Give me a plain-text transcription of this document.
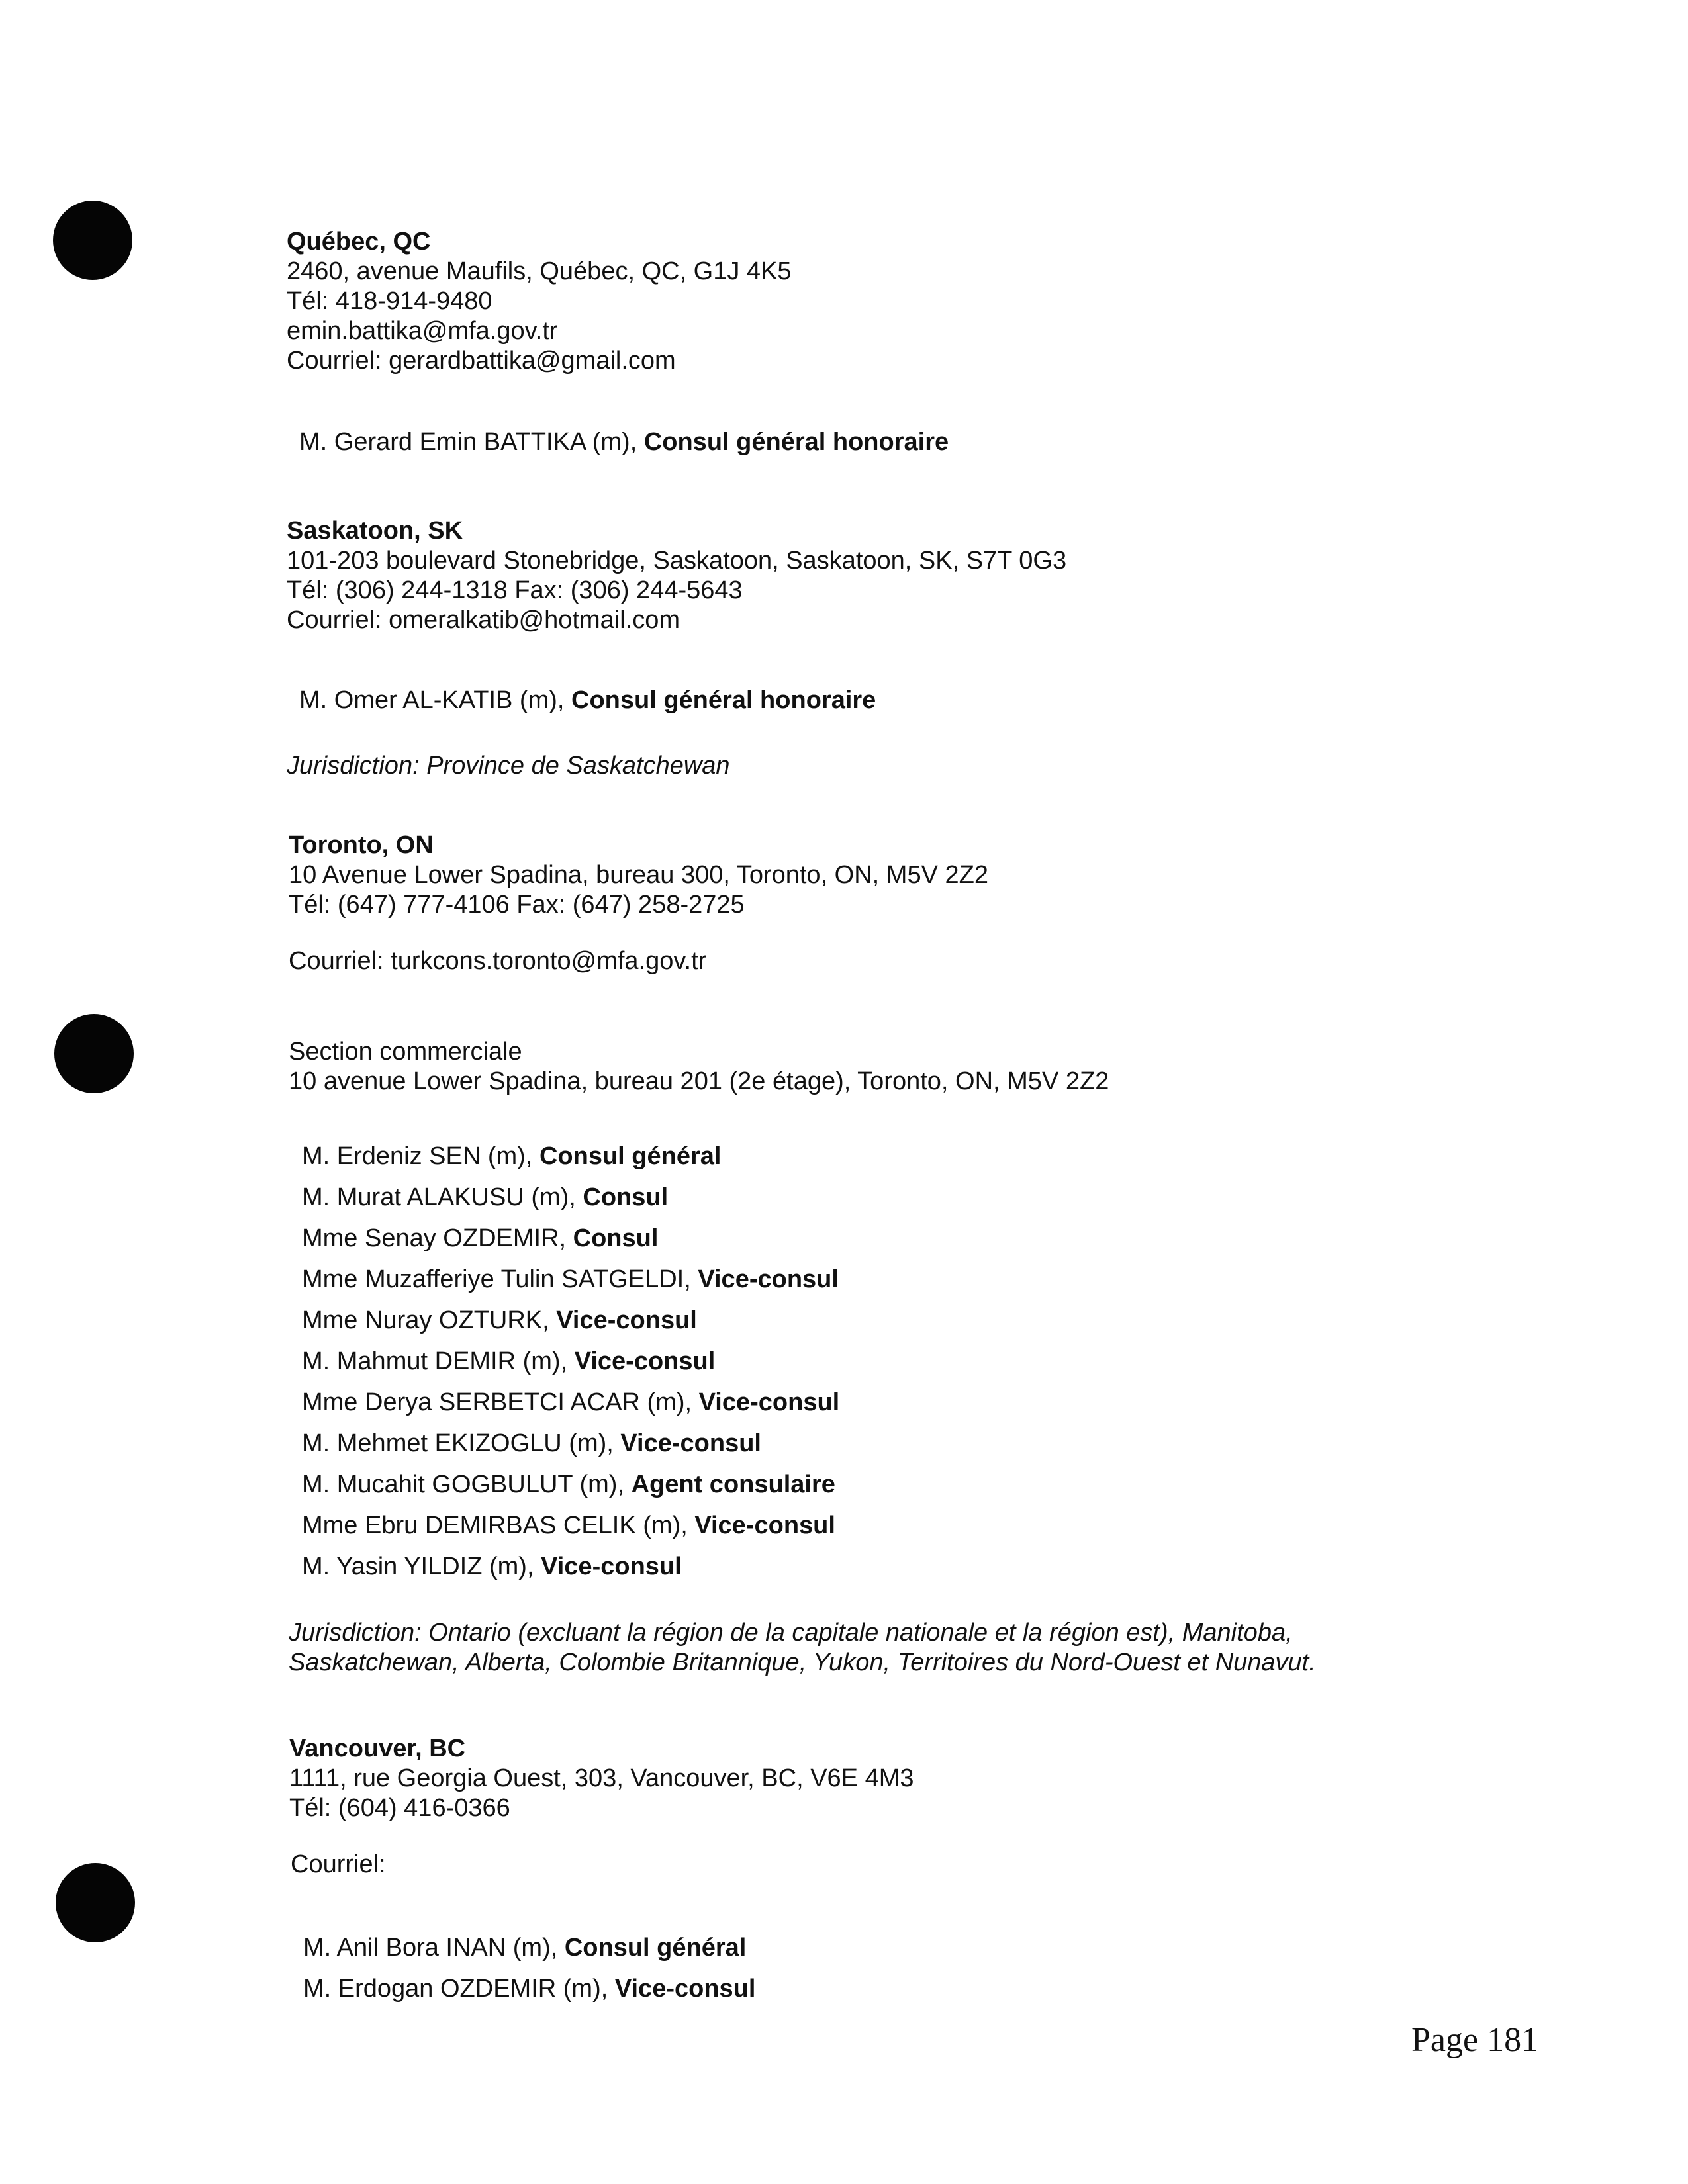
Québec, QC
2460, avenue Maufils, Québec, QC, G1J 4K5
Tél: 418-914-9480
emin.battika@mfa.gov.tr
Courriel: gerardbattika@gmail.com
M. Gerard Emin BATTIKA (m), Consul général honoraire
Saskatoon, SK
101-203 boulevard Stonebridge, Saskatoon, Saskatoon, SK, S7T 0G3
Tél: (306) 244-1318 Fax: (306) 244-5643
Courriel: omeralkatib@hotmail.com
M. Omer AL-KATIB (m), Consul général honoraire
Jurisdiction: Province de Saskatchewan
Toronto, ON
10 Avenue Lower Spadina, bureau 300, Toronto, ON, M5V 2Z2
Tél: (647) 777-4106 Fax: (647) 258-2725
Courriel: turkcons.toronto@mfa.gov.tr
Section commerciale
10 avenue Lower Spadina, bureau 201 (2e étage), Toronto, ON, M5V 2Z2
M. Erdeniz SEN (m), Consul général
M. Murat ALAKUSU (m), Consul
Mme Senay OZDEMIR, Consul
Mme Muzafferiye Tulin SATGELDI, Vice-consul
Mme Nuray OZTURK, Vice-consul
M. Mahmut DEMIR (m), Vice-consul
Mme Derya SERBETCI ACAR (m), Vice-consul
M. Mehmet EKIZOGLU (m), Vice-consul
M. Mucahit GOGBULUT (m), Agent consulaire
Mme Ebru DEMIRBAS CELIK (m), Vice-consul
M. Yasin YILDIZ (m), Vice-consul
Jurisdiction: Ontario (excluant la région de la capitale nationale et la région est), Manitoba,
Saskatchewan, Alberta, Colombie Britannique, Yukon, Territoires du Nord-Ouest et Nunavut.
Vancouver, BC
1111, rue Georgia Ouest, 303, Vancouver, BC, V6E 4M3
Tél: (604) 416-0366
Courriel:
M. Anil Bora INAN (m), Consul général
M. Erdogan OZDEMIR (m), Vice-consul
Page 181
